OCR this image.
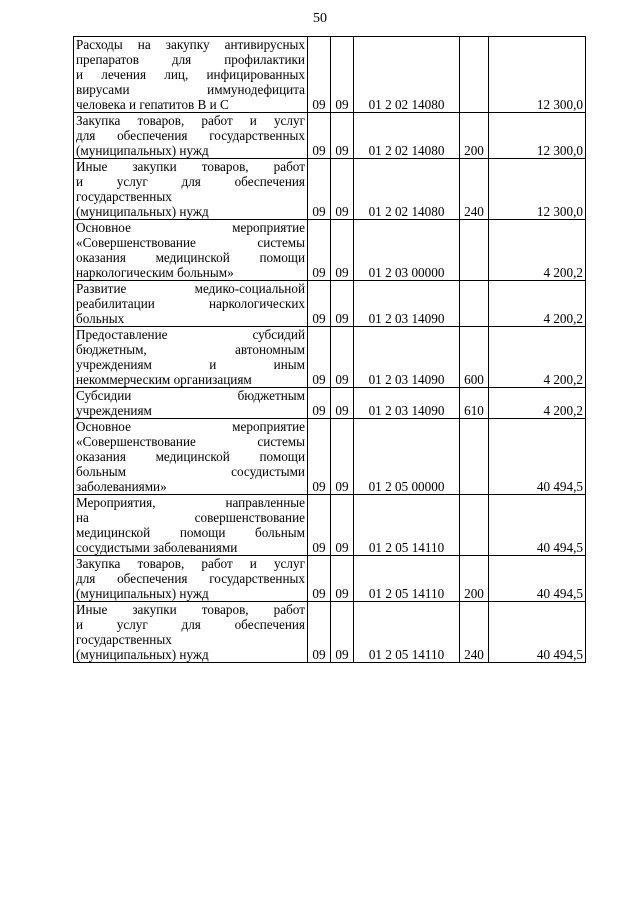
50
Расходы на закупку антивирусных
препаратов для профилактики
и лечения лиц, инфицированных
вирусами иммунодефицита
человека и гепатитов В и С	09	09	01 2 02 14080		12 300,0

Закупка товаров, работ и услуг
для обеспечения государственных
(муниципальных) нужд	09	09	01 2 02 14080	200	12 300,0

Иные закупки товаров, работ
и услуг для обеспечения
государственных
(муниципальных) нужд	09	09	01 2 02 14080	240	12 300,0

Основное мероприятие
«Совершенствование системы
оказания медицинской помощи
наркологическим больным»	09	09	01 2 03 00000		4 200,2

Развитие медико-социальной
реабилитации наркологических
больных	09	09	01 2 03 14090		4 200,2

Предоставление субсидий
бюджетным, автономным
учреждениям и иным
некоммерческим организациям	09	09	01 2 03 14090	600	4 200,2

Субсидии бюджетным
учреждениям	09	09	01 2 03 14090	610	4 200,2

Основное мероприятие
«Совершенствование системы
оказания медицинской помощи
больным сосудистыми
заболеваниями»	09	09	01 2 05 00000		40 494,5

Мероприятия, направленные
на совершенствование
медицинской помощи больным
сосудистыми заболеваниями	09	09	01 2 05 14110		40 494,5

Закупка товаров, работ и услуг
для обеспечения государственных
(муниципальных) нужд	09	09	01 2 05 14110	200	40 494,5

Иные закупки товаров, работ
и услуг для обеспечения
государственных
(муниципальных) нужд	09	09	01 2 05 14110	240	40 494,5
